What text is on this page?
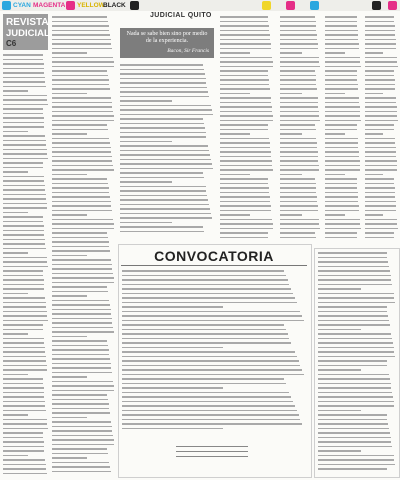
CYAN MAGENTA YELLOW
BLACK
JUDICIAL QUITO
REVISTA
JUDICIAL
C6
Nada se sabe bien sino por medio de la experiencia.
Bacon, Sir Francis
CONVOCATORIA
